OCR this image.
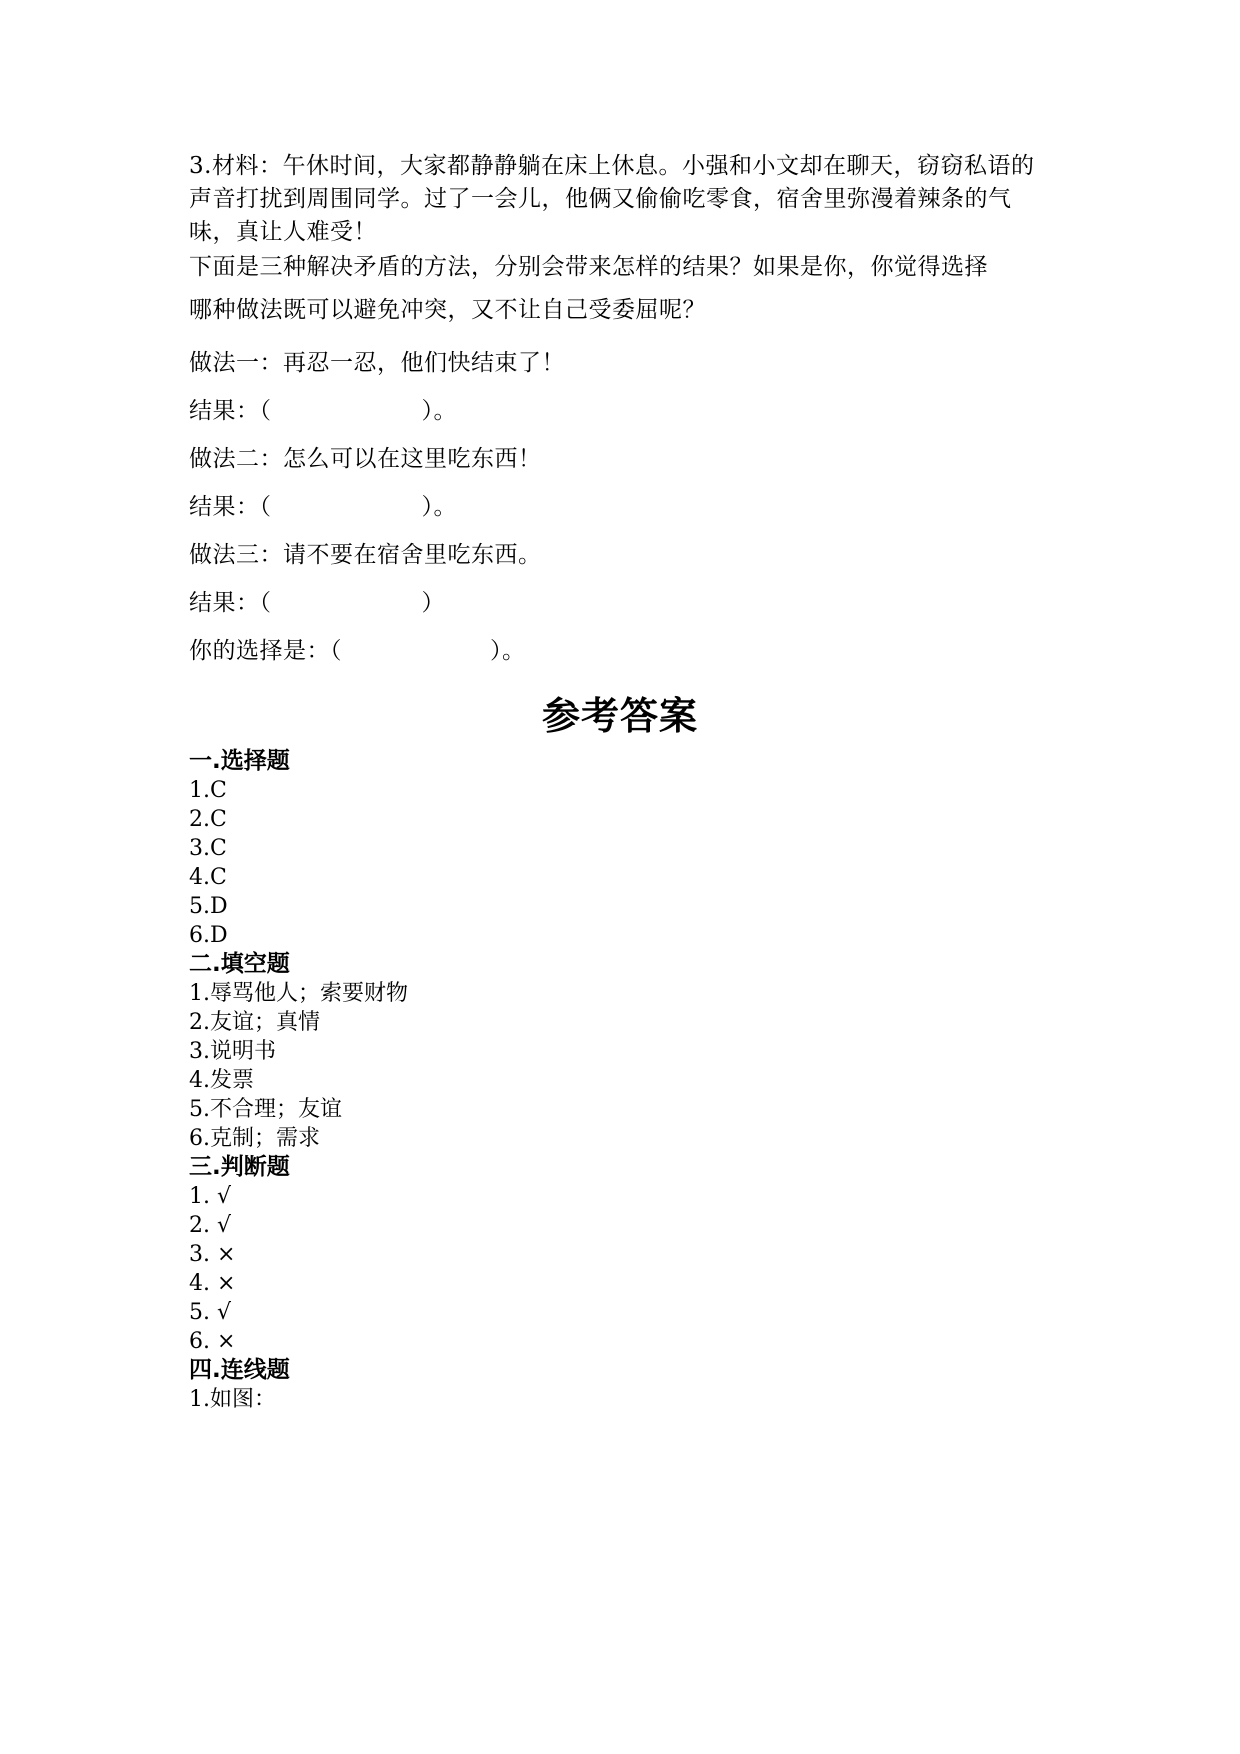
3.材料：午休时间，大家都静静躺在床上休息。小强和小文却在聊天，窃窃私语的声音打扰到周围同学。过了一会儿，他俩又偷偷吃零食，宿舍里弥漫着辣条的气味，真让人难受！

下面是三种解决矛盾的方法，分别会带来怎样的结果？如果是你，你觉得选择

哪种做法既可以避免冲突，又不让自己受委屈呢？

做法一：再忍一忍，他们快结束了！

结果：（	）。

做法二：怎么可以在这里吃东西！

结果：（	）。

做法三：请不要在宿舍里吃东西。

结果：（	）

你的选择是：（	）。

参考答案

一.选择题

1.C

2.C

3.C

4.C

5.D

6.D

二.填空题

1.辱骂他人；索要财物

2.友谊；真情

3.说明书

4.发票

5.不合理；友谊

6.克制；需求

三.判断题

1. √

2. √

3. ×

4. ×

5. √

6. ×

四.连线题

1.如图：
